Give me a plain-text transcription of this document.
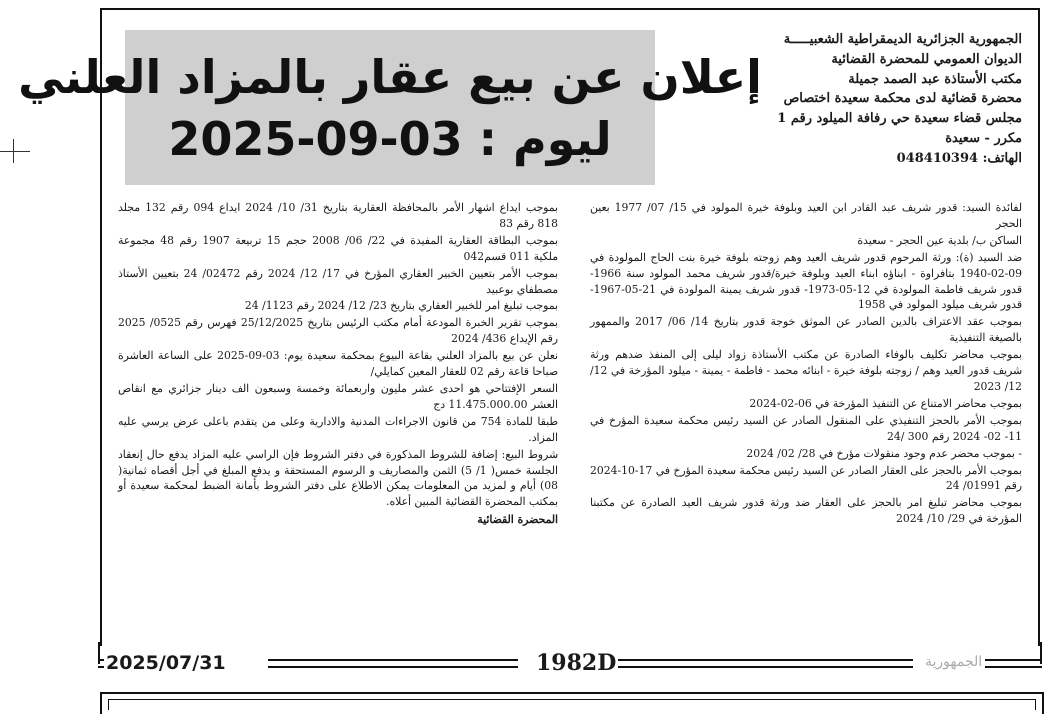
إعلان عن بيع عقار بالمزاد العلني
ليوم : 03-09-2025
الجمهورية الجزائرية الديمقراطية الشعبيـــــة
الديوان العمومي للمحضرة القضائية
مكتب الأستاذة عبد الصمد جميلة
محضرة قضائية لدى محكمة سعيدة اختصاص
مجلس قضاء سعيدة حي رفافة الميلود رقم 1
مكرر - سعيدة
الهاتف: 048410394

لفائدة السيد: قدور شريف عبد القادر ابن العيد وبلوفة خيرة المولود في 15/ 07/ 1977 بعين الحجر

الساكن ب/ بلدية عين الحجر - سعيدة

ضد السيد (ة): ورثة المرحوم قدور شريف العيد وهم زوجته بلوفة خيرة بنت الحاج المولودة في 09-02-1940 بتافراوة - ابناؤه ابناء العيد وبلوفة خيرة/قدور شريف محمد المولود سنة 1966- قدور شريف فاطمة المولودة في 12-05-1973- قدور شريف يمينة المولودة في 21-05-1967- قدور شريف ميلود المولود في 1958

بموجب عقد الاعتراف بالدين الصادر عن الموثق خوجة قدور بتاريخ 14/ 06/ 2017 والممهور بالصيغة التنفيذية

بموجب محاضر تكليف بالوفاء الصادرة عن مكتب الأستاذة زواد ليلى إلى المنفذ ضدهم ورثة شريف قدور العيد وهم / زوجته بلوفة خيرة - ابنائه محمد - فاطمة - يمينة - ميلود المؤرخة في 12/ 12/ 2023

بموجب محاضر الامتناع عن التنفيذ المؤرخة في 06-02-2024

بموجب الأمر بالحجز التنفيذي على المنقول الصادر عن السيد رئيس محكمة سعيدة المؤرخ في 11- 02- 2024 رقم 300 /24

- بموجب محضر عدم وجود منقولات مؤرخ في 28/ 02/ 2024

بموجب الأمر بالحجز على العقار الصادر عن السيد رئيس محكمة سعيدة المؤرخ في 17-10-2024 رقم 01991/ 24

بموجب محاضر تبليغ امر بالحجز على العقار ضد ورثة قدور شريف العيد الصادرة عن مكتبنا المؤرخة في 29/ 10/ 2024

بموجب ايداع اشهار الأمر بالمحافظة العقارية بتاريخ 31/ 10/ 2024 ايداع 094 رقم 132 مجلد 818 رقم 83

بموجب البطاقة العقارية المفيدة في 22/ 06/ 2008 حجم 15 تربيعة 1907 رقم 48 مجموعة ملكية 011 قسم042

بموجب الأمر بتعيين الخبير العقاري المؤرخ في 17/ 12/ 2024 رقم 02472/ 24 بتعيين الأستاذ مصطفاي بوعبيد

بموجب تبليغ امر للخبير العقاري بتاريخ 23/ 12/ 2024 رقم 1123/ 24

بموجب تقرير الخبرة المودعة أمام مكتب الرئيس بتاريخ 25/12/2025 فهرس رقم 0525/ 2025 رقم الإيداع 436/ 2024

نعلن عن بيع بالمزاد العلني بقاعة البيوع بمحكمة سعيدة يوم: 03-09-2025 على الساعة العاشرة صباحا قاعة رقم 02 للعقار المعين كمايلي/

السعر الإفتتاحي هو احدى عشر مليون واربعمائة وخمسة وسبعون الف دينار جزائري مع انقاص العشر 11.475.000.00 دج

طبقا للمادة 754 من قانون الاجراءات المدنية والادارية وعلى من يتقدم باعلى عرض يرسي عليه المزاد.

شروط البيع: إضافة للشروط المذكورة في دفتر الشروط فإن الراسي عليه المزاد يدفع حال إنعقاد الجلسة خمس( 1/ 5) الثمن والمصاريف و الرسوم المستحقة و يدفع المبلغ في أجل أقصاه ثمانية( 08) أيام و لمزيد من المعلومات يمكن الاطلاع على دفتر الشروط بأمانة الضبط لمحكمة سعيدة أو بمكتب المحضرة القضائية المبين أعلاه.

المحضرة القضائية

2025/07/31	1982D	الجمهورية
